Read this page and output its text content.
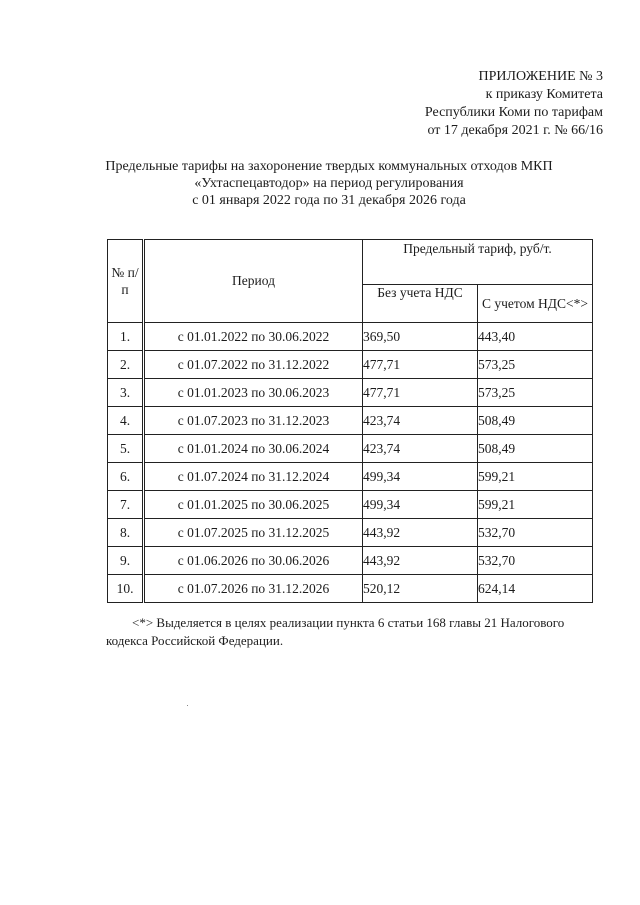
ПРИЛОЖЕНИЕ № 3
к приказу Комитета
Республики Коми по тарифам
от 17 декабря 2021 г. № 66/16
Предельные тарифы на захоронение твердых коммунальных отходов МКП
«Ухтаспецавтодор» на период регулирования
с 01 января 2022 года по 31 декабря 2026 года
№ п/п	Период	Предельный тариф, руб/т.	
		Без учета НДС	С учетом НДС<*>
1.	с 01.01.2022 по 30.06.2022	369,50	443,40
2.	с 01.07.2022 по 31.12.2022	477,71	573,25
3.	с 01.01.2023 по 30.06.2023	477,71	573,25
4.	с 01.07.2023 по 31.12.2023	423,74	508,49
5.	с 01.01.2024 по 30.06.2024	423,74	508,49
6.	с 01.07.2024 по 31.12.2024	499,34	599,21
7.	с 01.01.2025 по 30.06.2025	499,34	599,21
8.	с 01.07.2025 по 31.12.2025	443,92	532,70
9.	с 01.06.2026 по 30.06.2026	443,92	532,70
10.	с 01.07.2026 по 31.12.2026	520,12	624,14
<*> Выделяется в целях реализации пункта 6 статьи 168 главы 21 Налогового кодекса Российской Федерации.
